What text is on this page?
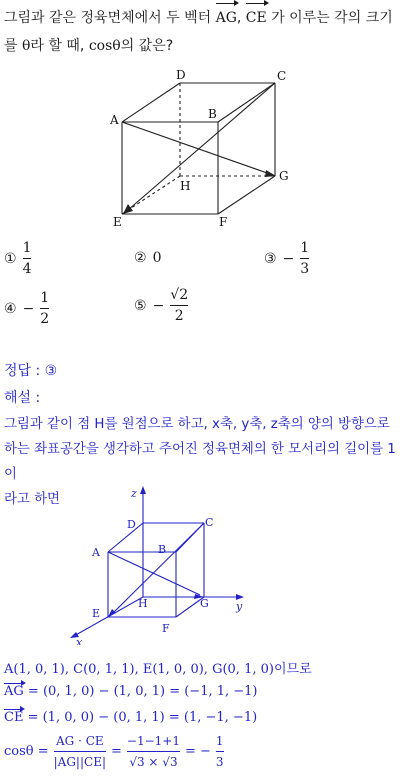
그림과 같은 정육면체에서 두 벡터 AG, CE 가 이루는 각의 크기
를 θ라 할 때, cosθ의 값은?
D	C
A	B
G
H
E	F
① $\frac{1}{4}$	② 0	③ − $\frac{1}{3}$
④ − $\frac{1}{2}$	⑤ − $\frac{√2}{2}$
정답 : ③
해설 :
그림과 같이 점 H를 원점으로 하고, x축, y축, z축의 양의 방향으로
하는 좌표공간을 생각하고 주어진 정육면체의 한 모서리의 길이를 1이
라고 하면	z
y
x
D	C
A	B
G
H
E
F
A(1, 0, 1), C(0, 1, 1), E(1, 0, 0), G(0, 1, 0)이므로
AG = (0, 1, 0) − (1, 0, 1) = (−1, 1, −1)
CE = (1, 0, 0) − (0, 1, 1) = (1, −1, −1)
$\cos\theta = \frac{AG \cdot CE}{|AG||CE|} = \frac{-1-1+1}{√3 \times √3}$ = − $\frac{1}{3}$
